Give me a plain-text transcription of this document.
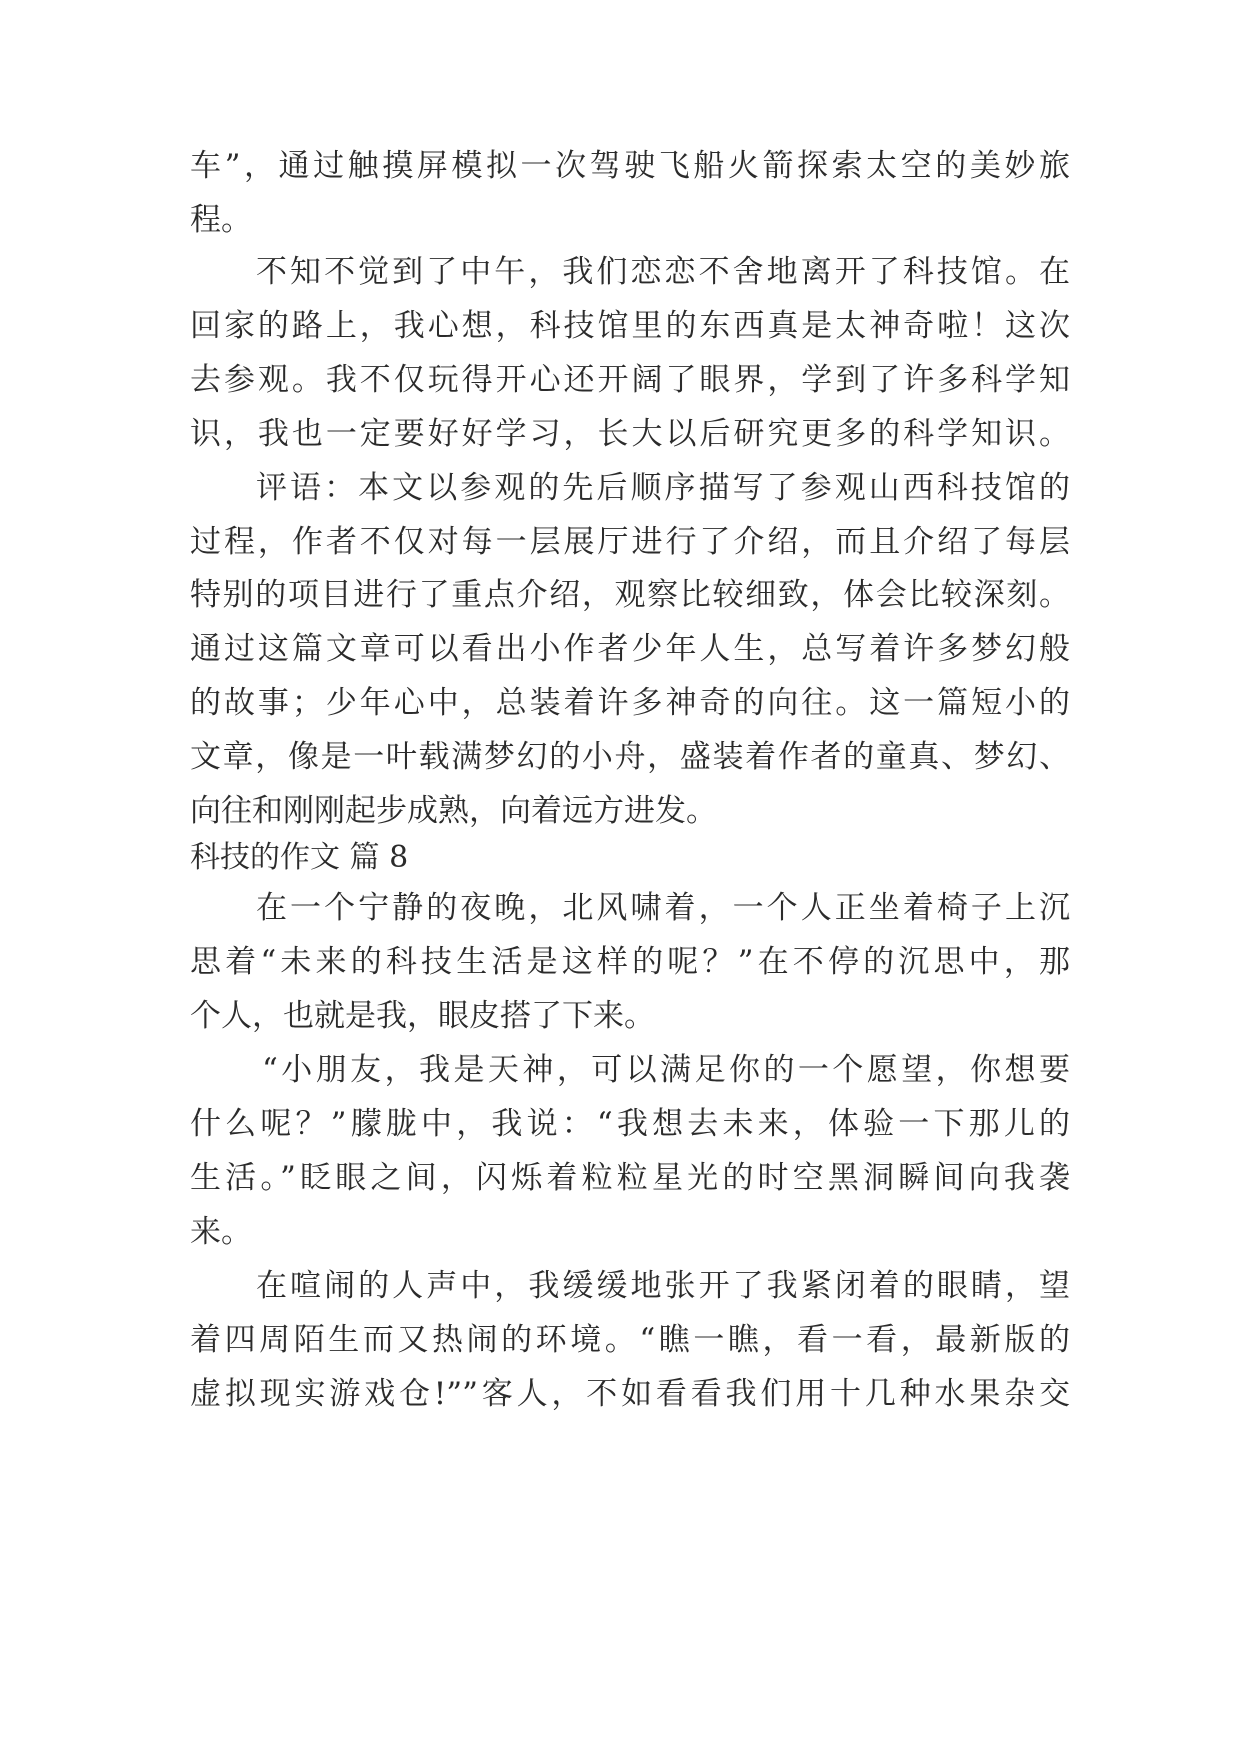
车”，通过触摸屏模拟一次驾驶飞船火箭探索太空的美妙旅
程。
不知不觉到了中午，我们恋恋不舍地离开了科技馆。在
回家的路上，我心想，科技馆里的东西真是太神奇啦！这次
去参观。我不仅玩得开心还开阔了眼界，学到了许多科学知
识，我也一定要好好学习，长大以后研究更多的科学知识。
评语：本文以参观的先后顺序描写了参观山西科技馆的
过程，作者不仅对每一层展厅进行了介绍，而且介绍了每层
特别的项目进行了重点介绍，观察比较细致，体会比较深刻。
通过这篇文章可以看出小作者少年人生，总写着许多梦幻般
的故事；少年心中，总装着许多神奇的向往。这一篇短小的
文章，像是一叶载满梦幻的小舟，盛装着作者的童真、梦幻、
向往和刚刚起步成熟，向着远方进发。
科技的作文 篇 8
在一个宁静的夜晚，北风啸着，一个人正坐着椅子上沉
思着“未来的科技生活是这样的呢？”在不停的沉思中，那
个人，也就是我，眼皮搭了下来。
“小朋友，我是天神，可以满足你的一个愿望，你想要
什么呢？”朦胧中，我说：“我想去未来，体验一下那儿的
生活。”眨眼之间，闪烁着粒粒星光的时空黑洞瞬间向我袭
来。
在喧闹的人声中，我缓缓地张开了我紧闭着的眼睛，望
着四周陌生而又热闹的环境。“瞧一瞧，看一看，最新版的
虚拟现实游戏仓!””客人，不如看看我们用十几种水果杂交
